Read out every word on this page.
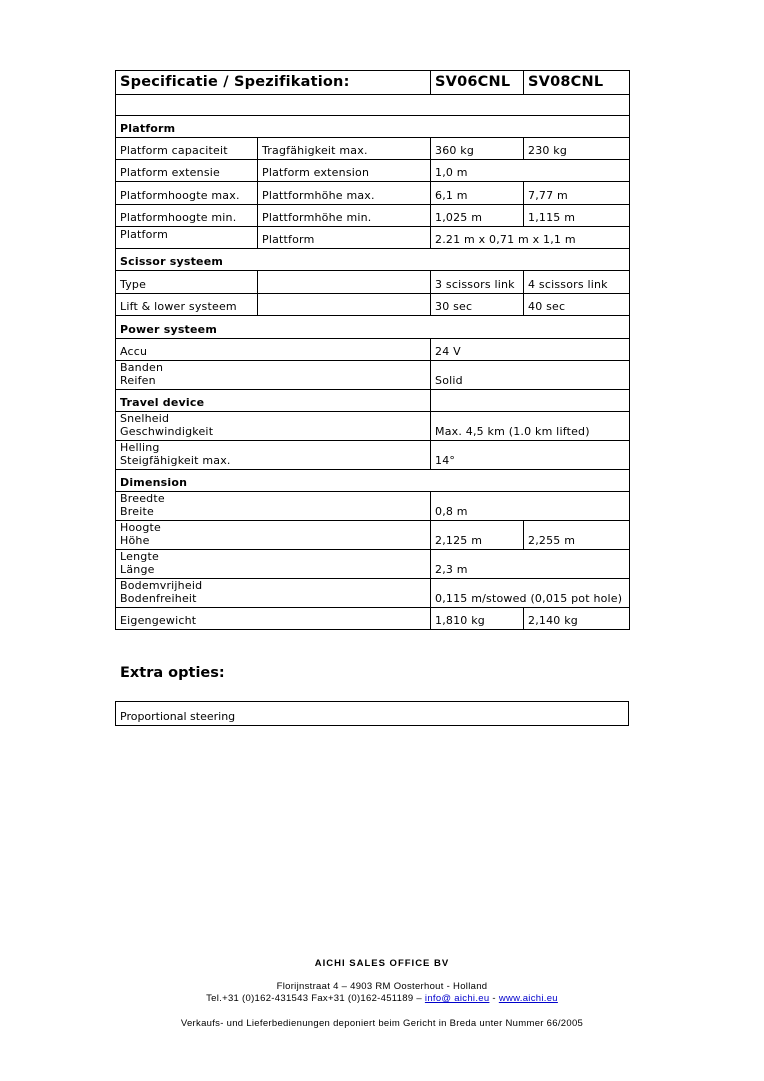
Specificatie / Spezifikation:		SV06CNL	SV08CNL

Platform			
Platform capaciteit	Tragfähigkeit max.	360 kg	230 kg
Platform extensie	Platform extension	1,0 m	
Platformhoogte max.	Plattformhöhe max.	6,1 m	7,77 m
Platformhoogte min.	Plattformhöhe min.	1,025 m	1,115 m
Platform	Plattform	2.21 m x 0,71 m x 1,1 m	
Scissor systeem			
Type		3 scissors link	4 scissors link
Lift & lower systeem		30 sec	40 sec
Power systeem			
Accu		24 V	

Banden
Reifen		Solid	
Travel device			

Snelheid
Geschwindigkeit		Max. 4,5 km (1.0 km lifted)	

Helling
Steigfähigkeit max.		14°	
Dimension			

Breedte
Breite		0,8 m	

Hoogte
Höhe		2,125 m	2,255 m

Lengte
Länge		2,3 m	

Bodemvrijheid
Bodenfreiheit		0,115 m/stowed (0,015 pot hole)	
Eigengewicht		1,810 kg	2,140 kg
Extra opties:
Proportional steering
AICHI SALES OFFICE BV
Florijnstraat 4 – 4903 RM Oosterhout - Holland
Tel.+31 (0)162-431543 Fax+31 (0)162-451189 – info@ aichi.eu - www.aichi.eu
Verkaufs- und Lieferbedienungen deponiert beim Gericht in Breda unter Nummer 66/2005
